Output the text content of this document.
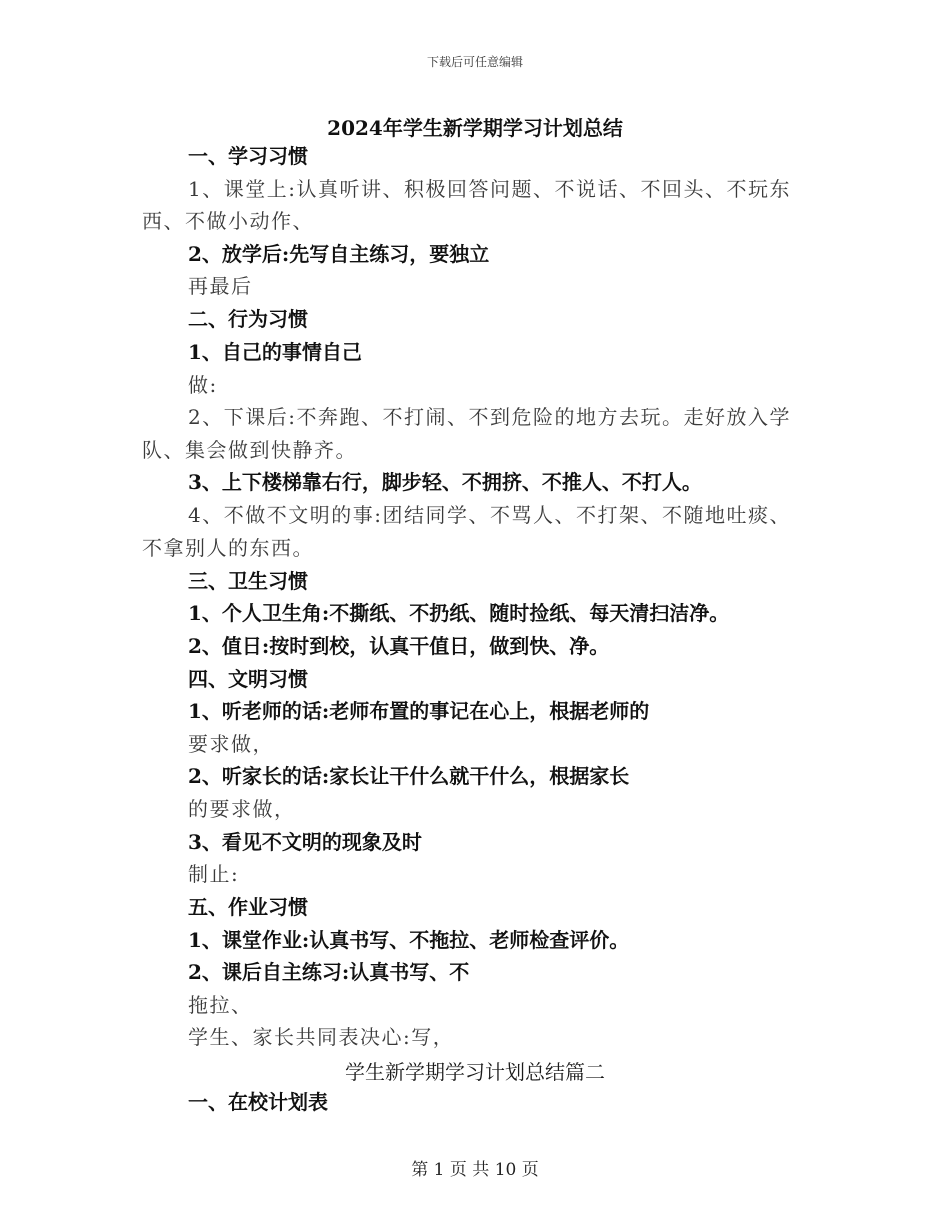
下载后可任意编辑
2024年学生新学期学习计划总结
一、学习习惯
1、课堂上:认真听讲、积极回答问题、不说话、不回头、不玩东
西、不做小动作、
2、放学后:先写自主练习，要独立
再最后
二、行为习惯
1、自己的事情自己
做:
2、下课后:不奔跑、不打闹、不到危险的地方去玩。走好放入学
队、集会做到快静齐。
3、上下楼梯靠右行，脚步轻、不拥挤、不推人、不打人。
4、不做不文明的事:团结同学、不骂人、不打架、不随地吐痰、
不拿别人的东西。
三、卫生习惯
1、个人卫生角:不撕纸、不扔纸、随时捡纸、每天清扫洁净。
2、值日:按时到校，认真干值日，做到快、净。
四、文明习惯
1、听老师的话:老师布置的事记在心上，根据老师的
要求做，
2、听家长的话:家长让干什么就干什么，根据家长
的要求做，
3、看见不文明的现象及时
制止:
五、作业习惯
1、课堂作业:认真书写、不拖拉、老师检查评价。
2、课后自主练习:认真书写、不
拖拉、
学生、家长共同表决心:写，
学生新学期学习计划总结篇二
一、在校计划表
第 1 页 共 10 页
